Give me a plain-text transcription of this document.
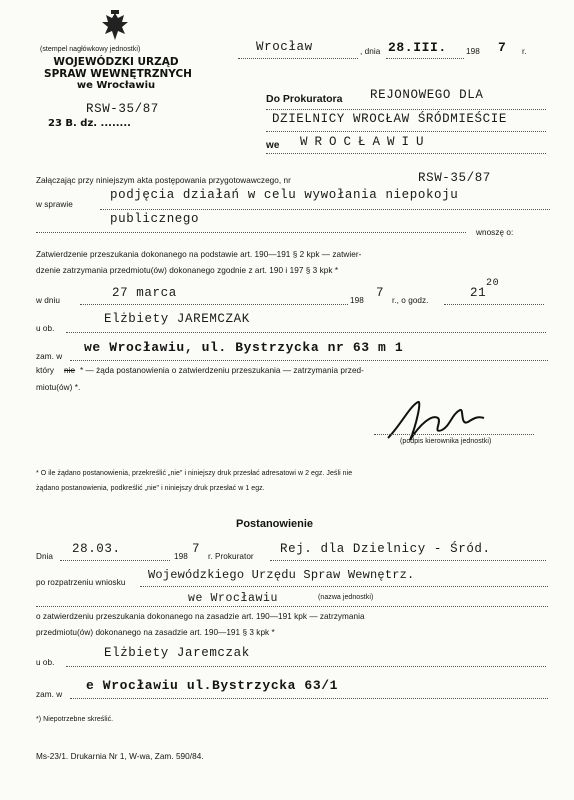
(stempel nagłówkowy jednostki)
WOJEWÓDZKI URZĄD
SPRAW WEWNĘTRZNYCH
we Wrocławiu
RSW-35/87
23 B. dz. ........
Wrocław	, dnia 28.III. 198 7 r.
Do Prokuratora REJONOWEGO DLA
DZIELNICY WROCŁAW ŚRÓDMIEŚCIE
we WROCŁAWIU
Załączając przy niniejszym akta postępowania przygotowawczego, nr	RSW-35/87
w sprawie
podjęcia działań w celu wywołania niepokoju
publicznego
wnoszę o:
Zatwierdzenie przeszukania dokonanego na podstawie art. 190—191 § 2 kpk — zatwier-
dzenie zatrzymania przedmiotu(ów) dokonanego zgodnie z art. 190 i 197 § 3 kpk *
w dniu
27 marca
198
7
r., o godz.
21
20
u ob.
Elżbiety JAREMCZAK
zam. w
we Wrocławiu, ul. Bystrzycka nr 63 m 1
który nie * — żąda postanowienia o zatwierdzeniu przeszukania — zatrzymania przed-
miotu(ów) *.
(podpis kierownika jednostki)
* O ile żądano postanowienia, przekreślić „nie" i niniejszy druk przesłać adresatowi w 2 egz. Jeśli nie
żądano postanowienia, podkreślić „nie" i niniejszy druk przesłać w 1 egz.
Postanowienie
Dnia
28.03.
198
7
r. Prokurator
Rej. dla Dzielnicy - Śród.
po rozpatrzeniu wniosku
Wojewódzkiego Urzędu Spraw Wewnętrz.
we Wrocławiu	(nazwa jednostki)
o zatwierdzeniu przeszukania dokonanego na zasadzie art. 190—191 kpk — zatrzymania
przedmiotu(ów) dokonanego na zasadzie art. 190—191 § 3 kpk *
u ob.
Elżbiety Jaremczak
zam. w
e Wrocławiu ul.Bystrzycka 63/1
*) Niepotrzebne skreślić.
Ms-23/1. Drukarnia Nr 1, W-wa, Zam. 590/84.
